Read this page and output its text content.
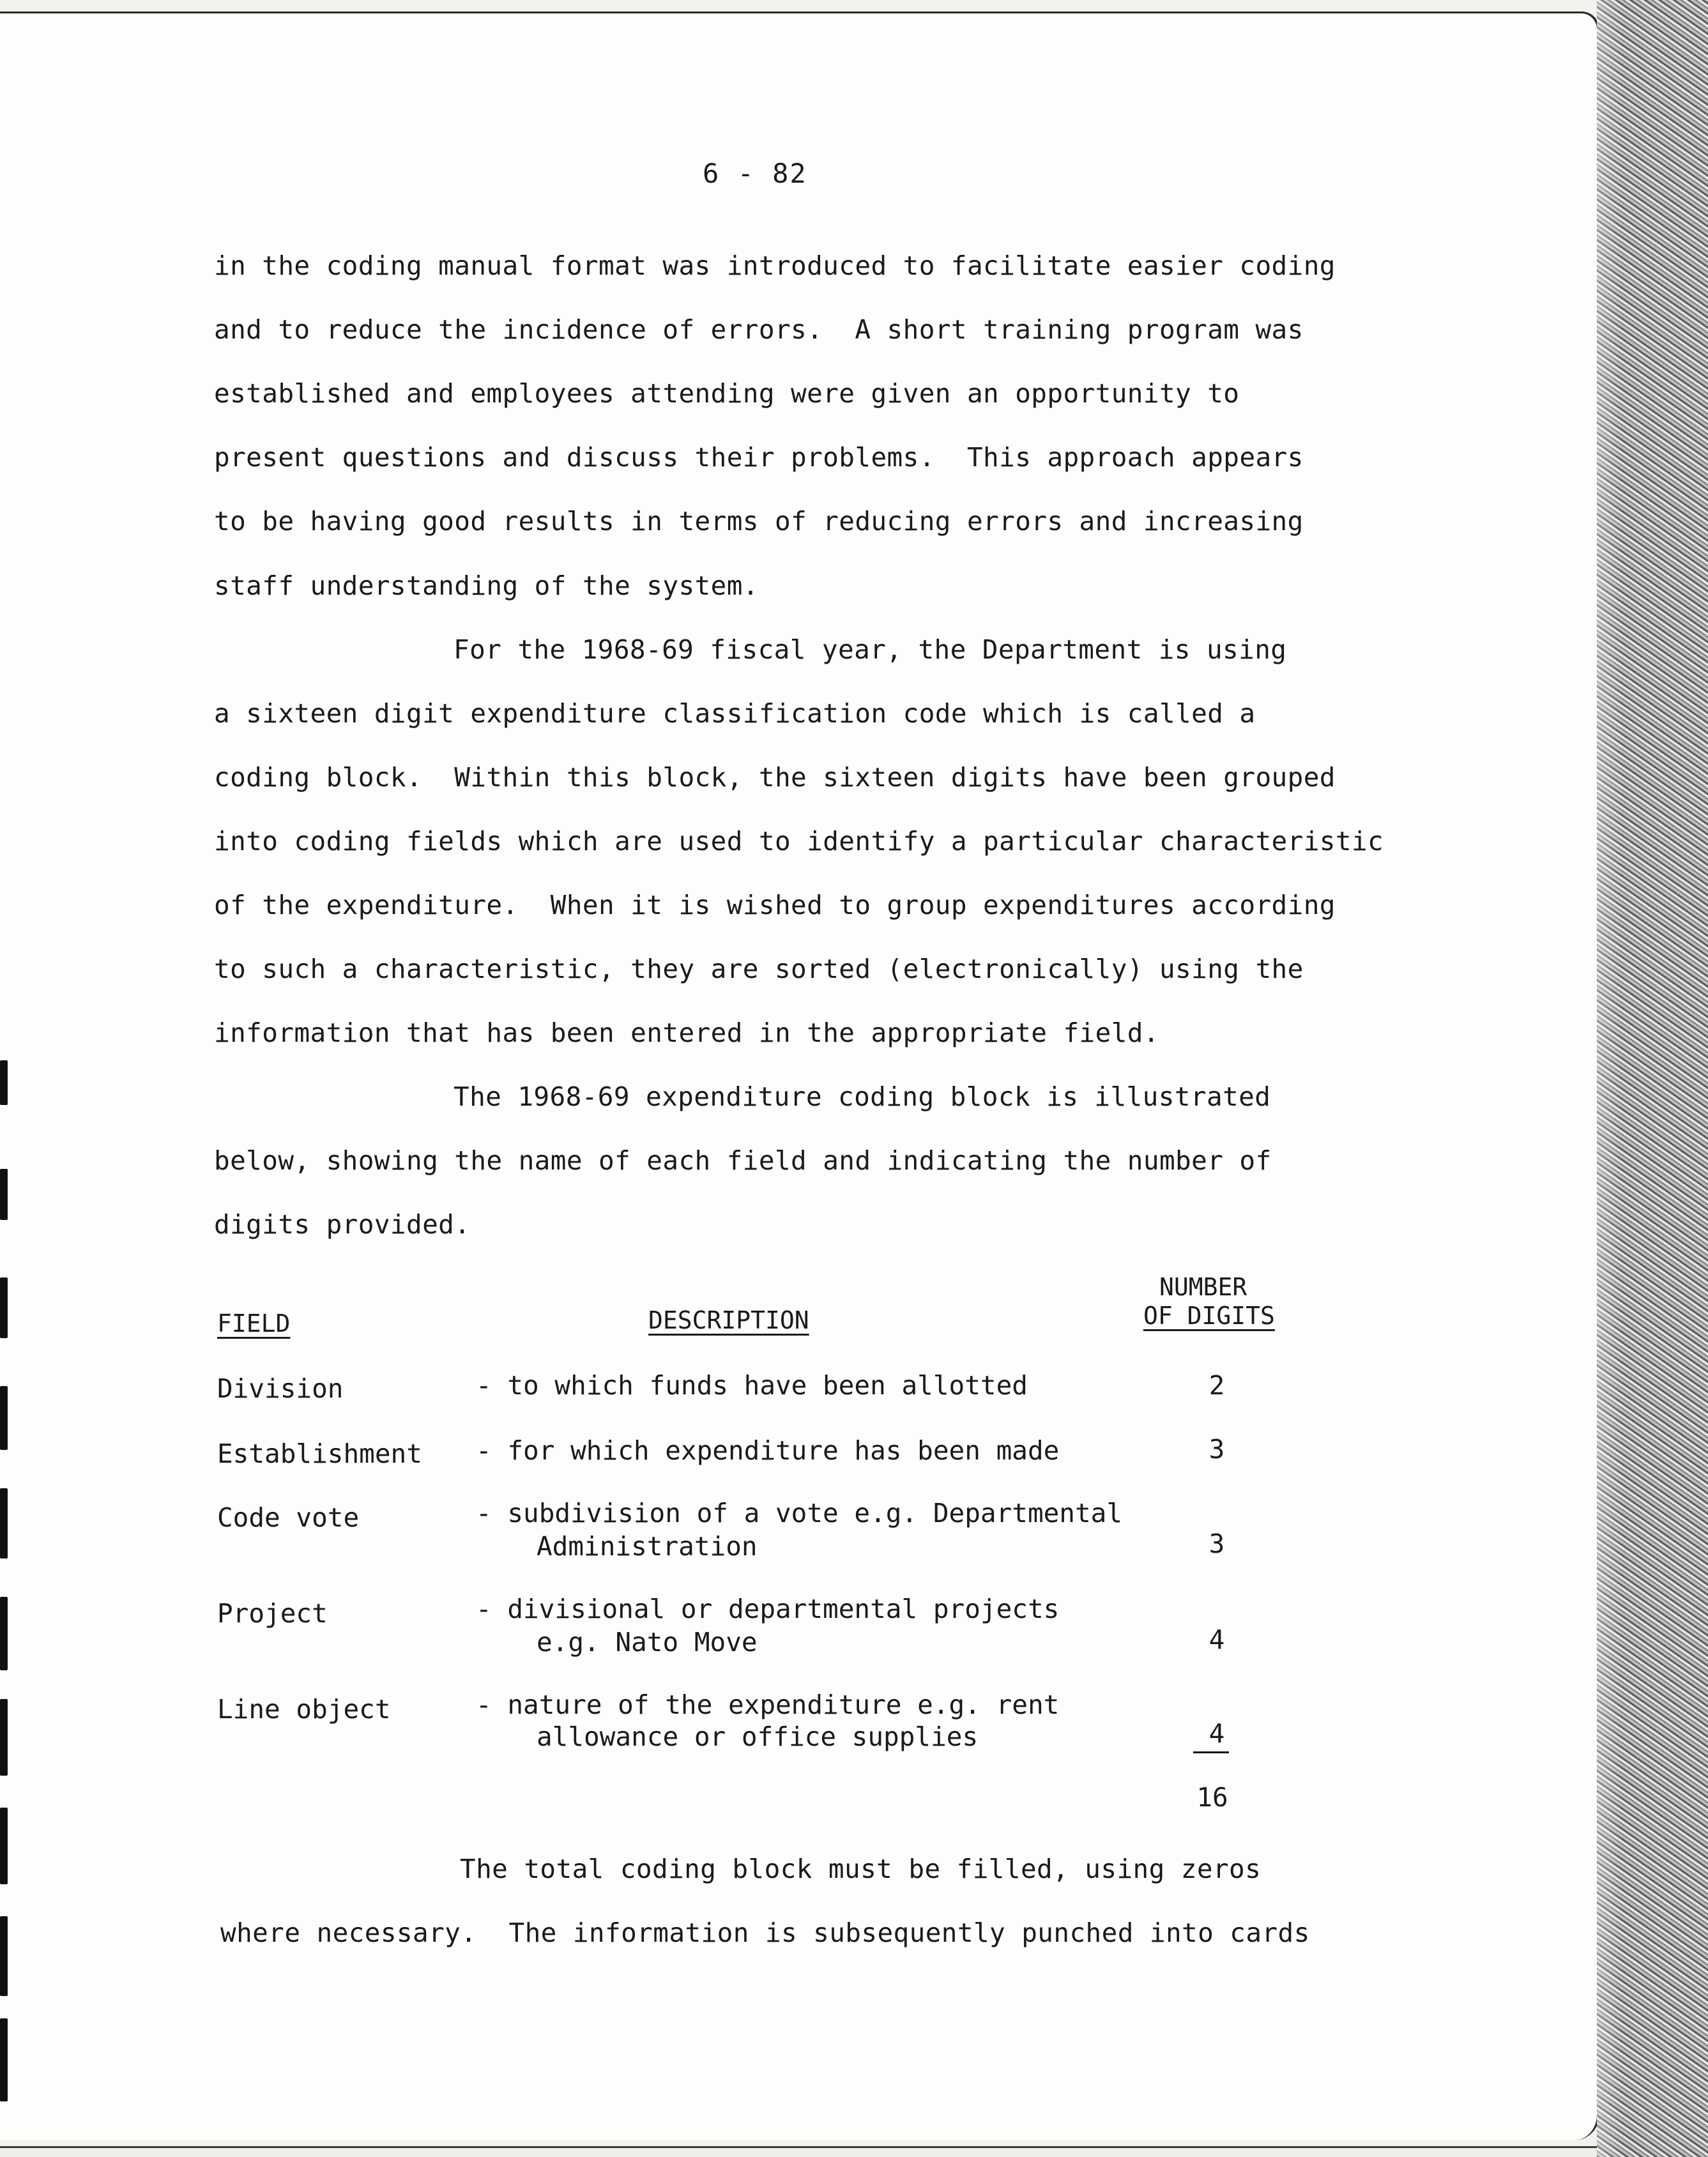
6 - 82
in the coding manual format was introduced to facilitate easier coding
and to reduce the incidence of errors.  A short training program was
established and employees attending were given an opportunity to
present questions and discuss their problems.  This approach appears
to be having good results in terms of reducing errors and increasing
staff understanding of the system.
For the 1968-69 fiscal year, the Department is using
a sixteen digit expenditure classification code which is called a
coding block.  Within this block, the sixteen digits have been grouped
into coding fields which are used to identify a particular characteristic
of the expenditure.  When it is wished to group expenditures according
to such a characteristic, they are sorted (electronically) using the
information that has been entered in the appropriate field.
The 1968-69 expenditure coding block is illustrated
below, showing the name of each field and indicating the number of
digits provided.
FIELD	DESCRIPTION
NUMBER
OF DIGITS
Division	- to which funds have been allotted	2
Establishment - for which expenditure has been made	3
Code vote	- subdivision of a vote e.g. Departmental
Administration	3
Project	- divisional or departmental projects
e.g. Nato Move	4
Line object	- nature of the expenditure e.g. rent
allowance or office supplies	4
16
The total coding block must be filled, using zeros
where necessary.  The information is subsequently punched into cards
